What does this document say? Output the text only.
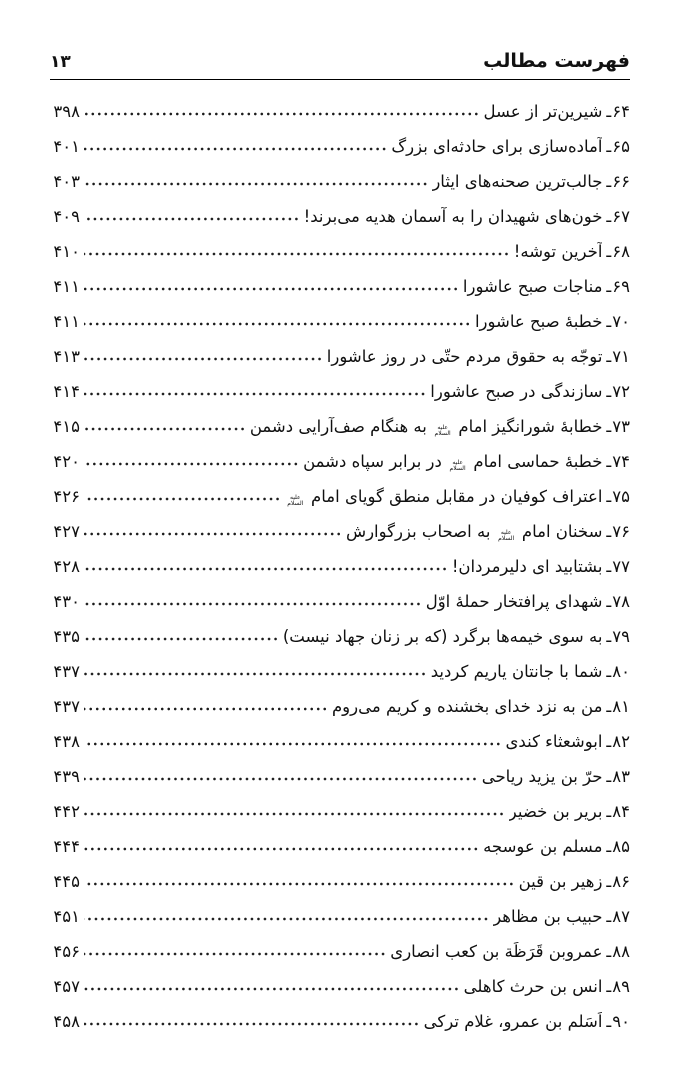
فهرست مطالب
۱۳
۶۴
ـ
شیرین‌تر از عسل
۳۹۸
۶۵
ـ
آماده‌سازی برای حادثه‌ای بزرگ
۴۰۱
۶۶
ـ
جالب‌ترین صحنه‌های ایثار
۴۰۳
۶۷
ـ
خون‌های شهیدان را به آسمان هدیه می‌برند!
۴۰۹
۶۸
ـ
آخرین توشه!
۴۱۰
۶۹
ـ
مناجات صبح عاشورا
۴۱۱
۷۰
ـ
خطبهٔ صبح عاشورا
۴۱۱
۷۱
ـ
توجّه به حقوق مردم حتّی در روز عاشورا
۴۱۳
۷۲
ـ
سازندگی در صبح عاشورا
۴۱۴
۷۳
ـ
خطابهٔ شورانگیز امام
علیه
السلام
به هنگام صف‌آرایی دشمن
۴۱۵
۷۴
ـ
خطبهٔ حماسی امام
علیه
السلام
در برابر سپاه دشمن
۴۲۰
۷۵
ـ
اعتراف کوفیان در مقابل منطق گویای امام
علیه
السلام
۴۲۶
۷۶
ـ
سخنان امام
علیه
السلام
به اصحاب بزرگوارش
۴۲۷
۷۷
ـ
بشتابید ای دلیرمردان!
۴۲۸
۷۸
ـ
شهدای پرافتخار حملهٔ اوّل
۴۳۰
۷۹
ـ
به سوی خیمه‌ها برگرد (که بر زنان جهاد نیست)
۴۳۵
۸۰
ـ
شما با جانتان یاریم کردید
۴۳۷
۸۱
ـ
من به نزد خدای بخشنده و کریم می‌روم
۴۳۷
۸۲
ـ
ابوشعثاء کندی
۴۳۸
۸۳
ـ
حرّ بن یزید ریاحی
۴۳۹
۸۴
ـ
بریر بن خضیر
۴۴۲
۸۵
ـ
مسلم بن عوسجه
۴۴۴
۸۶
ـ
زهیر بن قین
۴۴۵
۸۷
ـ
حبیب بن مظاهر
۴۵۱
۸۸
ـ
عمروبن قَرَظَة بن کعب انصاری
۴۵۶
۸۹
ـ
انس بن حرث کاهلی
۴۵۷
۹۰
ـ
اَسَلم بن عمرو، غلام ترکی
۴۵۸
